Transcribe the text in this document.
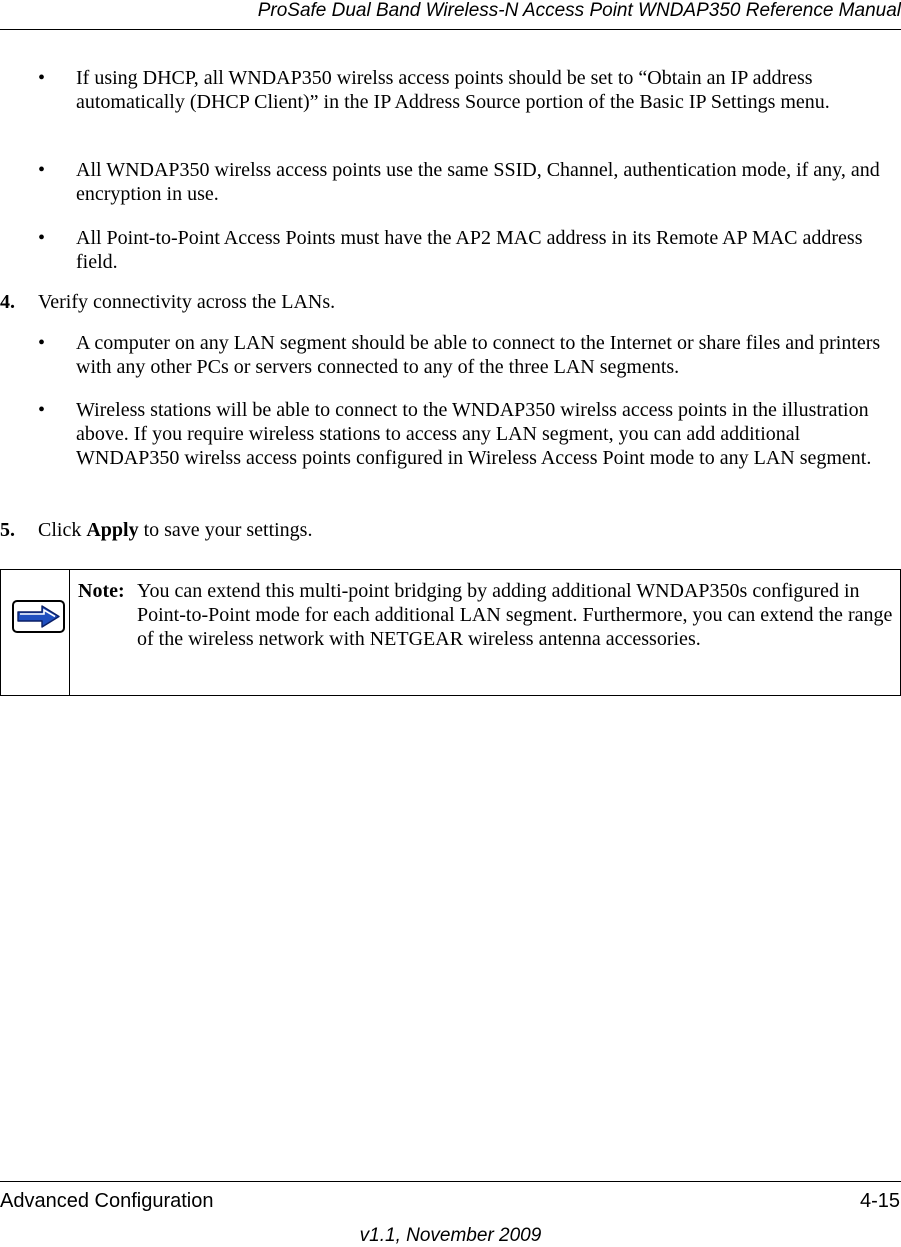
ProSafe Dual Band Wireless-N Access Point WNDAP350 Reference Manual
• If using DHCP, all WNDAP350 wirelss access points should be set to “Obtain an IP address automatically (DHCP Client)” in the IP Address Source portion of the Basic IP Settings menu.
• All WNDAP350 wirelss access points use the same SSID, Channel, authentication mode, if any, and encryption in use.
• All Point-to-Point Access Points must have the AP2 MAC address in its Remote AP MAC address field.
4. Verify connectivity across the LANs.
• A computer on any LAN segment should be able to connect to the Internet or share files and printers with any other PCs or servers connected to any of the three LAN segments.
• Wireless stations will be able to connect to the WNDAP350 wirelss access points in the illustration above. If you require wireless stations to access any LAN segment, you can add additional WNDAP350 wirelss access points configured in Wireless Access Point mode to any LAN segment.
5. Click Apply to save your settings.
Note: You can extend this multi-point bridging by adding additional WNDAP350s configured in Point-to-Point mode for each additional LAN segment. Furthermore, you can extend the range of the wireless network with NETGEAR wireless antenna accessories.
Advanced Configuration	4-15
v1.1, November 2009
